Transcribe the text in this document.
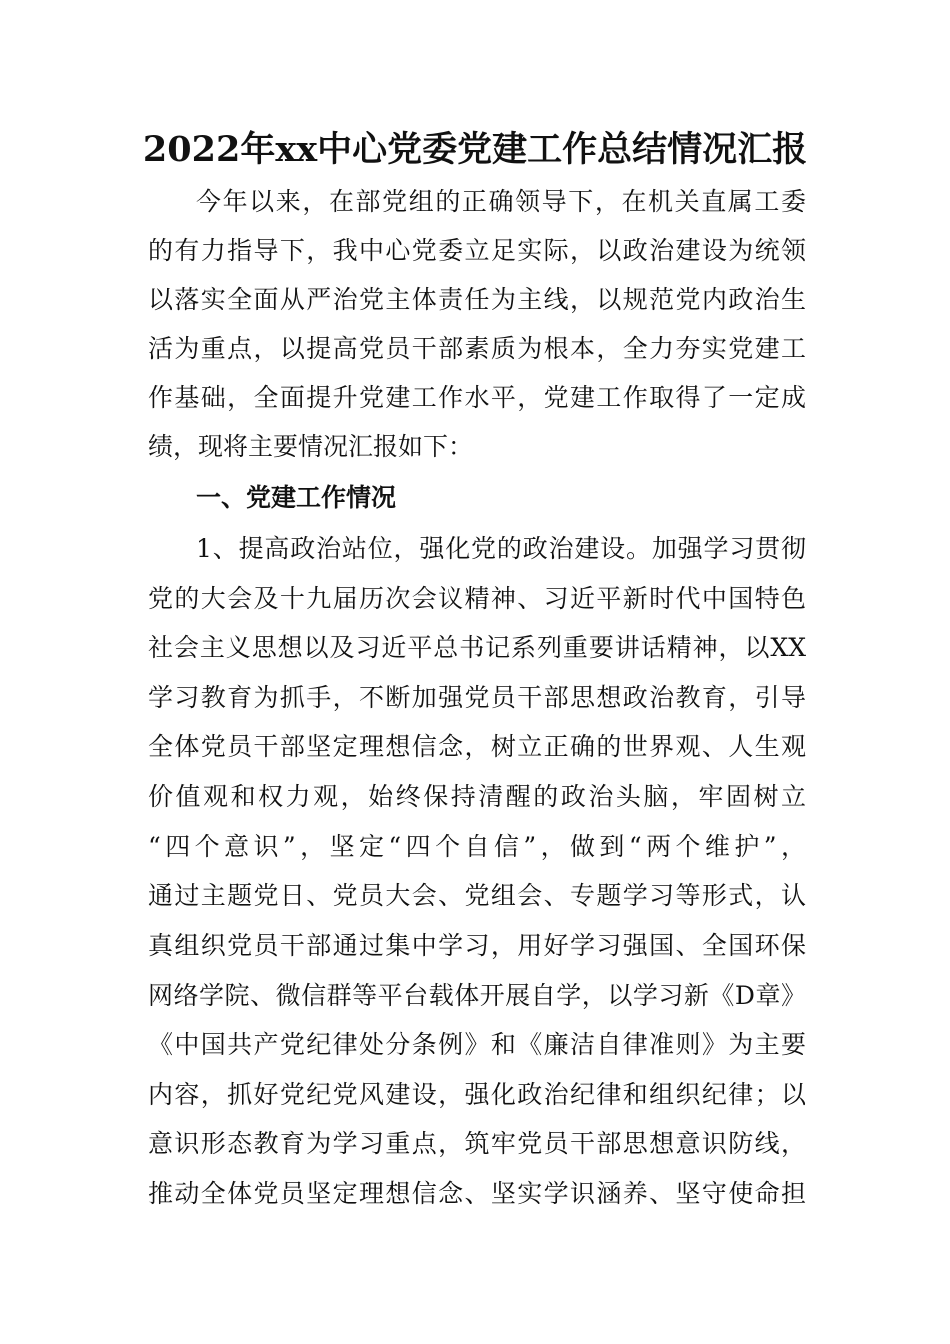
2022年xx中心党委党建工作总结情况汇报
今年以来，在部党组的正确领导下，在机关直属工委
的有力指导下，我中心党委立足实际，以政治建设为统领
以落实全面从严治党主体责任为主线，以规范党内政治生
活为重点，以提高党员干部素质为根本，全力夯实党建工
作基础，全面提升党建工作水平，党建工作取得了一定成
绩，现将主要情况汇报如下：
一、党建工作情况
1、提高政治站位，强化党的政治建设。加强学习贯彻
党的大会及十九届历次会议精神、习近平新时代中国特色
社会主义思想以及习近平总书记系列重要讲话精神，以XX
学习教育为抓手，不断加强党员干部思想政治教育，引导
全体党员干部坚定理想信念，树立正确的世界观、人生观
价值观和权力观，始终保持清醒的政治头脑，牢固树立
“四个意识”，坚定“四个自信”，做到“两个维护”，
通过主题党日、党员大会、党组会、专题学习等形式，认
真组织党员干部通过集中学习，用好学习强国、全国环保
网络学院、微信群等平台载体开展自学，以学习新《D章》
《中国共产党纪律处分条例》和《廉洁自律准则》为主要
内容，抓好党纪党风建设，强化政治纪律和组织纪律；以
意识形态教育为学习重点，筑牢党员干部思想意识防线，
推动全体党员坚定理想信念、坚实学识涵养、坚守使命担
